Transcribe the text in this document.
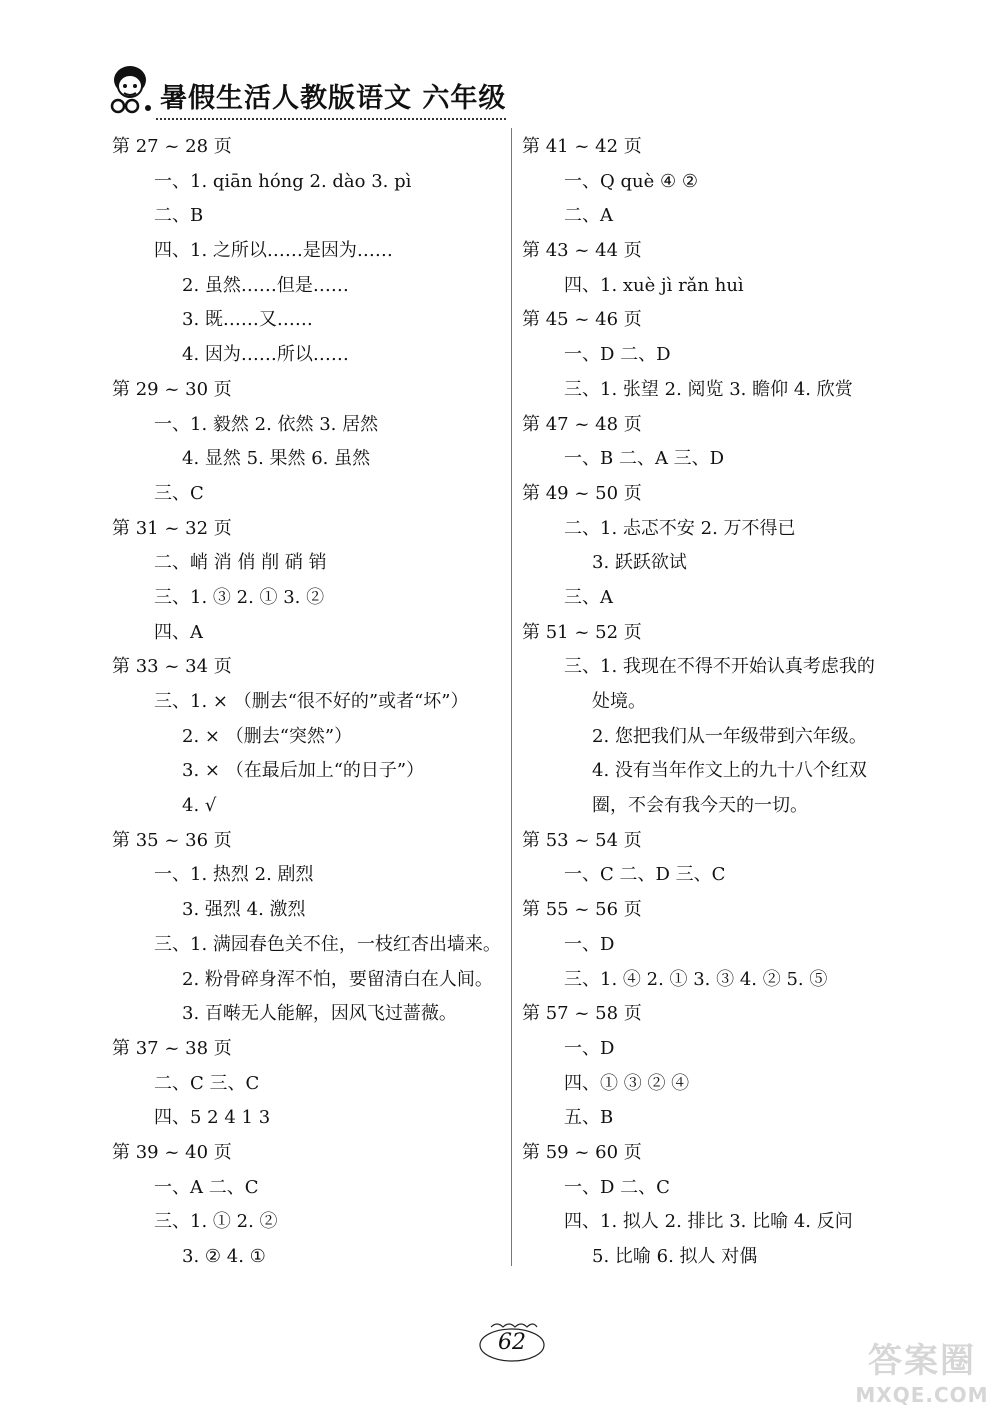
暑假生活人教版语文 六年级
第 27 ~ 28 页
一、1. qiān hóng 2. dào 3. pì
二、B
四、1. 之所以……是因为……
2. 虽然……但是……
3. 既……又……
4. 因为……所以……
第 29 ~ 30 页
一、1. 毅然 2. 依然 3. 居然
4. 显然 5. 果然 6. 虽然
三、C
第 31 ~ 32 页
二、峭 消 俏 削 硝 销
三、1. ③ 2. ① 3. ②
四、A
第 33 ~ 34 页
三、1. × （删去“很不好的”或者“坏”）
2. × （删去“突然”）
3. × （在最后加上“的日子”）
4. √
第 35 ~ 36 页
一、1. 热烈 2. 剧烈
3. 强烈 4. 激烈
三、1. 满园春色关不住，一枝红杏出墙来。
2. 粉骨碎身浑不怕，要留清白在人间。
3. 百啭无人能解，因风飞过蔷薇。
第 37 ~ 38 页
二、C 三、C
四、5 2 4 1 3
第 39 ~ 40 页
一、A 二、C
三、1. ① 2. ②
3. ② 4. ①
第 41 ~ 42 页
一、Q què ④ ②
二、A
第 43 ~ 44 页
四、1. xuè jì rǎn huì
第 45 ~ 46 页
一、D 二、D
三、1. 张望 2. 阅览 3. 瞻仰 4. 欣赏
第 47 ~ 48 页
一、B 二、A 三、D
第 49 ~ 50 页
二、1. 忐忑不安 2. 万不得已
3. 跃跃欲试
三、A
第 51 ~ 52 页
三、1. 我现在不得不开始认真考虑我的
处境。
2. 您把我们从一年级带到六年级。
4. 没有当年作文上的九十八个红双
圈，不会有我今天的一切。
第 53 ~ 54 页
一、C 二、D 三、C
第 55 ~ 56 页
一、D
三、1. ④ 2. ① 3. ③ 4. ② 5. ⑤
第 57 ~ 58 页
一、D
四、① ③ ② ④
五、B
第 59 ~ 60 页
一、D 二、C
四、1. 拟人 2. 排比 3. 比喻 4. 反问
5. 比喻 6. 拟人 对偶
62	答案圈
MXQE.COM
